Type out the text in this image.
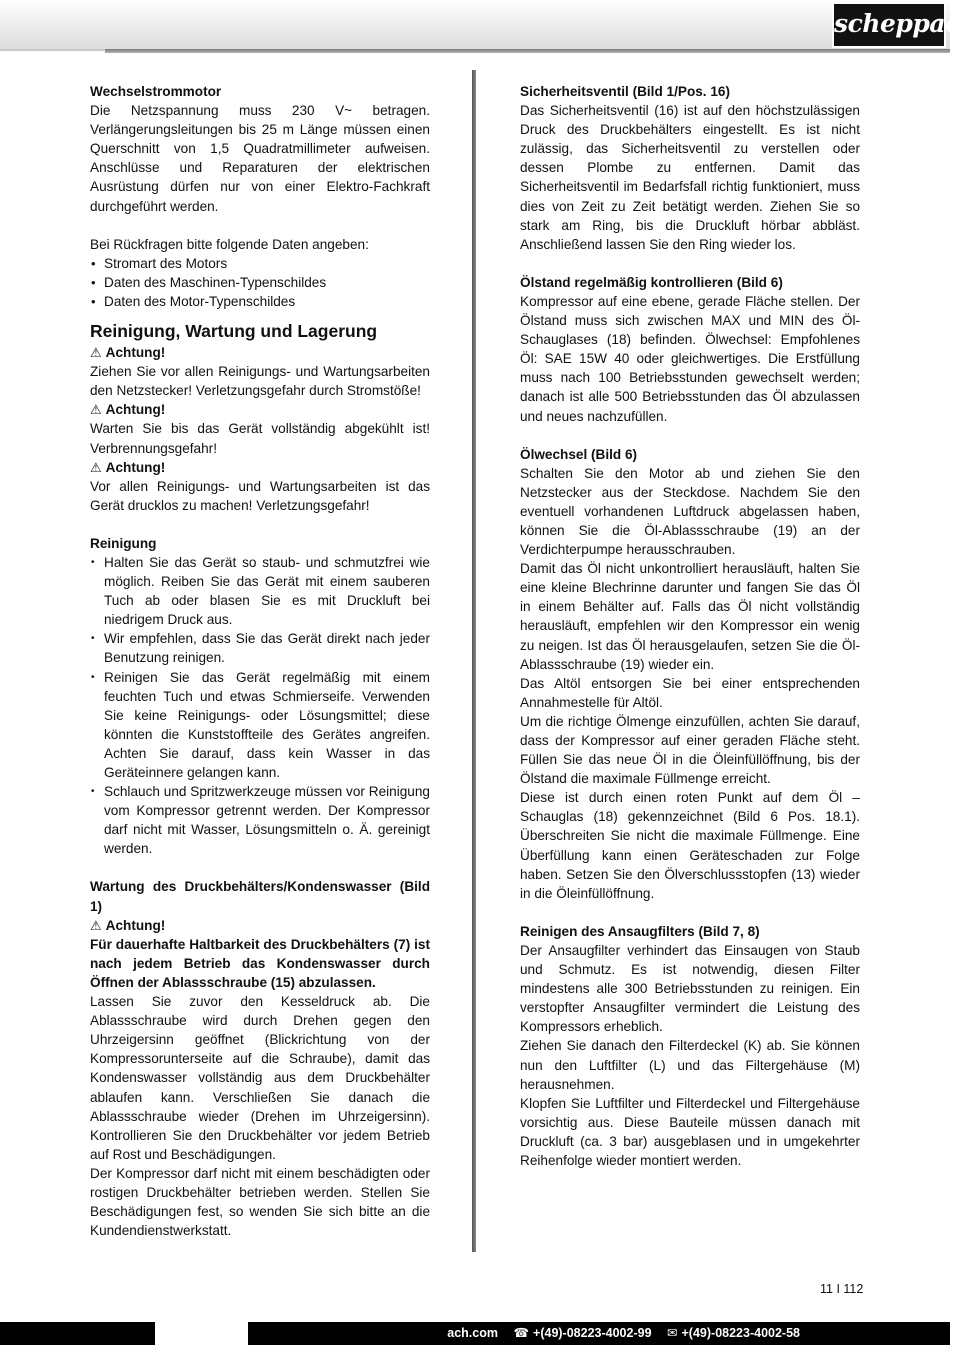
scheppach

Wechselstrommotor

Die Netzspannung muss 230 V~ betragen. Verlängerungsleitungen bis 25 m Länge müssen einen Querschnitt von 1,5 Quadratmillimeter aufweisen. Anschlüsse und Reparaturen der elektrischen Ausrüstung dürfen nur von einer Elektro-Fachkraft durchgeführt werden.

Bei Rückfragen bitte folgende Daten angeben:

• Stromart des Motors
• Daten des Maschinen-Typenschildes
• Daten des Motor-Typenschildes
Reinigung, Wartung und Lagerung

⚠ Achtung!

Ziehen Sie vor allen Reinigungs- und Wartungsarbeiten den Netzstecker! Verletzungsgefahr durch Stromstöße!

⚠ Achtung!

Warten Sie bis das Gerät vollständig abgekühlt ist! Verbrennungsgefahr!

⚠ Achtung!

Vor allen Reinigungs- und Wartungsarbeiten ist das Gerät drucklos zu machen! Verletzungsgefahr!

Reinigung

• Halten Sie das Gerät so staub- und schmutzfrei wie möglich. Reiben Sie das Gerät mit einem sauberen Tuch ab oder blasen Sie es mit Druckluft bei niedrigem Druck aus.
• Wir empfehlen, dass Sie das Gerät direkt nach jeder Benutzung reinigen.
• Reinigen Sie das Gerät regelmäßig mit einem feuchten Tuch und etwas Schmierseife. Verwenden Sie keine Reinigungs- oder Lösungsmittel; diese könnten die Kunststoffteile des Gerätes angreifen. Achten Sie darauf, dass kein Wasser in das Geräteinnere gelangen kann.
• Schlauch und Spritzwerkzeuge müssen vor Reinigung vom Kompressor getrennt werden. Der Kompressor darf nicht mit Wasser, Lösungsmitteln o. Ä. gereinigt werden.

Wartung des Druckbehälters/Kondenswasser (Bild 1)

⚠ Achtung!

Für dauerhafte Haltbarkeit des Druckbehälters (7) ist nach jedem Betrieb das Kondenswasser durch Öffnen der Ablassschraube (15) abzulassen.

Lassen Sie zuvor den Kesseldruck ab. Die Ablassschraube wird durch Drehen gegen den Uhrzeigersinn geöffnet (Blickrichtung von der Kompressorunterseite auf die Schraube), damit das Kondenswasser vollständig aus dem Druckbehälter ablaufen kann. Verschließen Sie danach die Ablassschraube wieder (Drehen im Uhrzeigersinn). Kontrollieren Sie den Druckbehälter vor jedem Betrieb auf Rost und Beschädigungen.

Der Kompressor darf nicht mit einem beschädigten oder rostigen Druckbehälter betrieben werden. Stellen Sie Beschädigungen fest, so wenden Sie sich bitte an die Kundendienstwerkstatt.

Sicherheitsventil (Bild 1/Pos. 16)

Das Sicherheitsventil (16) ist auf den höchstzulässigen Druck des Druckbehälters eingestellt. Es ist nicht zulässig, das Sicherheitsventil zu verstellen oder dessen Plombe zu entfernen. Damit das Sicherheitsventil im Bedarfsfall richtig funktioniert, muss dies von Zeit zu Zeit betätigt werden. Ziehen Sie so stark am Ring, bis die Druckluft hörbar abbläst. Anschließend lassen Sie den Ring wieder los.

Ölstand regelmäßig kontrollieren (Bild 6)

Kompressor auf eine ebene, gerade Fläche stellen. Der Ölstand muss sich zwischen MAX und MIN des Öl-Schauglases (18) befinden. Ölwechsel: Empfohlenes Öl: SAE 15W 40 oder gleichwertiges. Die Erstfüllung muss nach 100 Betriebsstunden gewechselt werden; danach ist alle 500 Betriebsstunden das Öl abzulassen und neues nachzufüllen.

Ölwechsel (Bild 6)

Schalten Sie den Motor ab und ziehen Sie den Netzstecker aus der Steckdose. Nachdem Sie den eventuell vorhandenen Luftdruck abgelassen haben, können Sie die Öl-Ablassschraube (19) an der Verdichterpumpe herausschrauben.

Damit das Öl nicht unkontrolliert herausläuft, halten Sie eine kleine Blechrinne darunter und fangen Sie das Öl in einem Behälter auf. Falls das Öl nicht vollständig herausläuft, empfehlen wir den Kompressor ein wenig zu neigen. Ist das Öl herausgelaufen, setzen Sie die Öl-Ablassschraube (19) wieder ein.

Das Altöl entsorgen Sie bei einer entsprechenden Annahmestelle für Altöl.

Um die richtige Ölmenge einzufüllen, achten Sie darauf, dass der Kompressor auf einer geraden Fläche steht. Füllen Sie das neue Öl in die Öleinfüllöffnung, bis der Ölstand die maximale Füllmenge erreicht.

Diese ist durch einen roten Punkt auf dem Öl – Schauglas (18) gekennzeichnet (Bild 6 Pos. 18.1). Überschreiten Sie nicht die maximale Füllmenge. Eine Überfüllung kann einen Geräteschaden zur Folge haben. Setzen Sie den Ölverschlussstopfen (13) wieder in die Öleinfüllöffnung.

Reinigen des Ansaugfilters (Bild 7, 8)

Der Ansaugfilter verhindert das Einsaugen von Staub und Schmutz. Es ist notwendig, diesen Filter mindestens alle 300 Betriebsstunden zu reinigen. Ein verstopfter Ansaugfilter vermindert die Leistung des Kompressors erheblich.

Ziehen Sie danach den Filterdeckel (K) ab. Sie können nun den Luftfilter (L) und das Filtergehäuse (M) herausnehmen.

Klopfen Sie Luftfilter und Filterdeckel und Filtergehäuse vorsichtig aus. Diese Bauteile müssen danach mit Druckluft (ca. 3 bar) ausgeblasen und in umgekehrter Reihenfolge wieder montiert werden.

11 I 112
ach.com ☎ +(49)-08223-4002-99 ✉ +(49)-08223-4002-58
